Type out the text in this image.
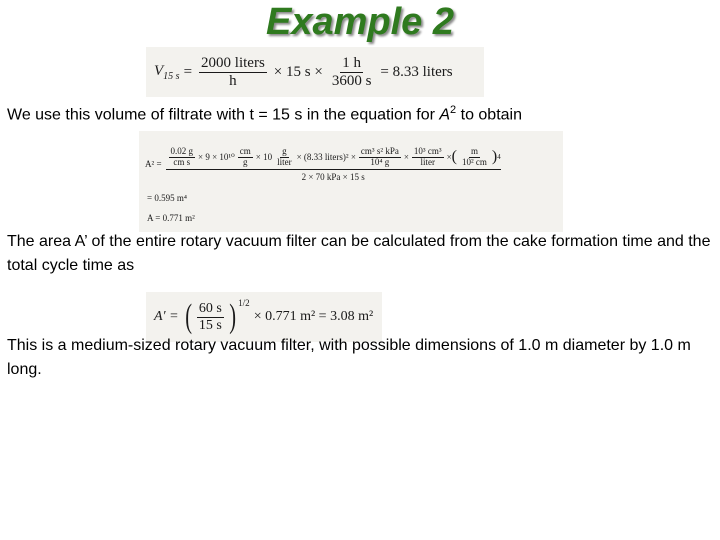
Example 2
$V_{15 s} = \frac{\text{2000 liters}}{h} \times 15$ $s \times \frac{1 h}{3600 s} = 8.33$ liters
We use this volume of filtrate with t = 15 s in the equation for $A^2$ to obtain
$A^2 = \frac{0.02 g}{\text{cm s}} \times 9 \times 10^{10} \frac{cm}{g} \times 10 \frac{g}{\text{liter}} \times (8.33$ liters)² × $\frac{\text{cm³ s² kPa}}{\text{10⁴ g}} \times \frac{\text{10³ cm³}}{\text{liter}}$ × ( $\frac{m}{\text{10² cm}}$ ) 4
2 × 70 kPa × 15 s
= 0.595 m⁴
A = 0.771 m²
The area A’ of the entire rotary vacuum filter can be calculated from the cake formation time and the total cycle time as
A′ = ( $\frac{60 s}{15 s}$ ) $^{1/2}$
× 0.771 m² = 3.08 m²
This is a medium-sized rotary vacuum filter, with possible dimensions of 1.0 m diameter by 1.0 m long.
